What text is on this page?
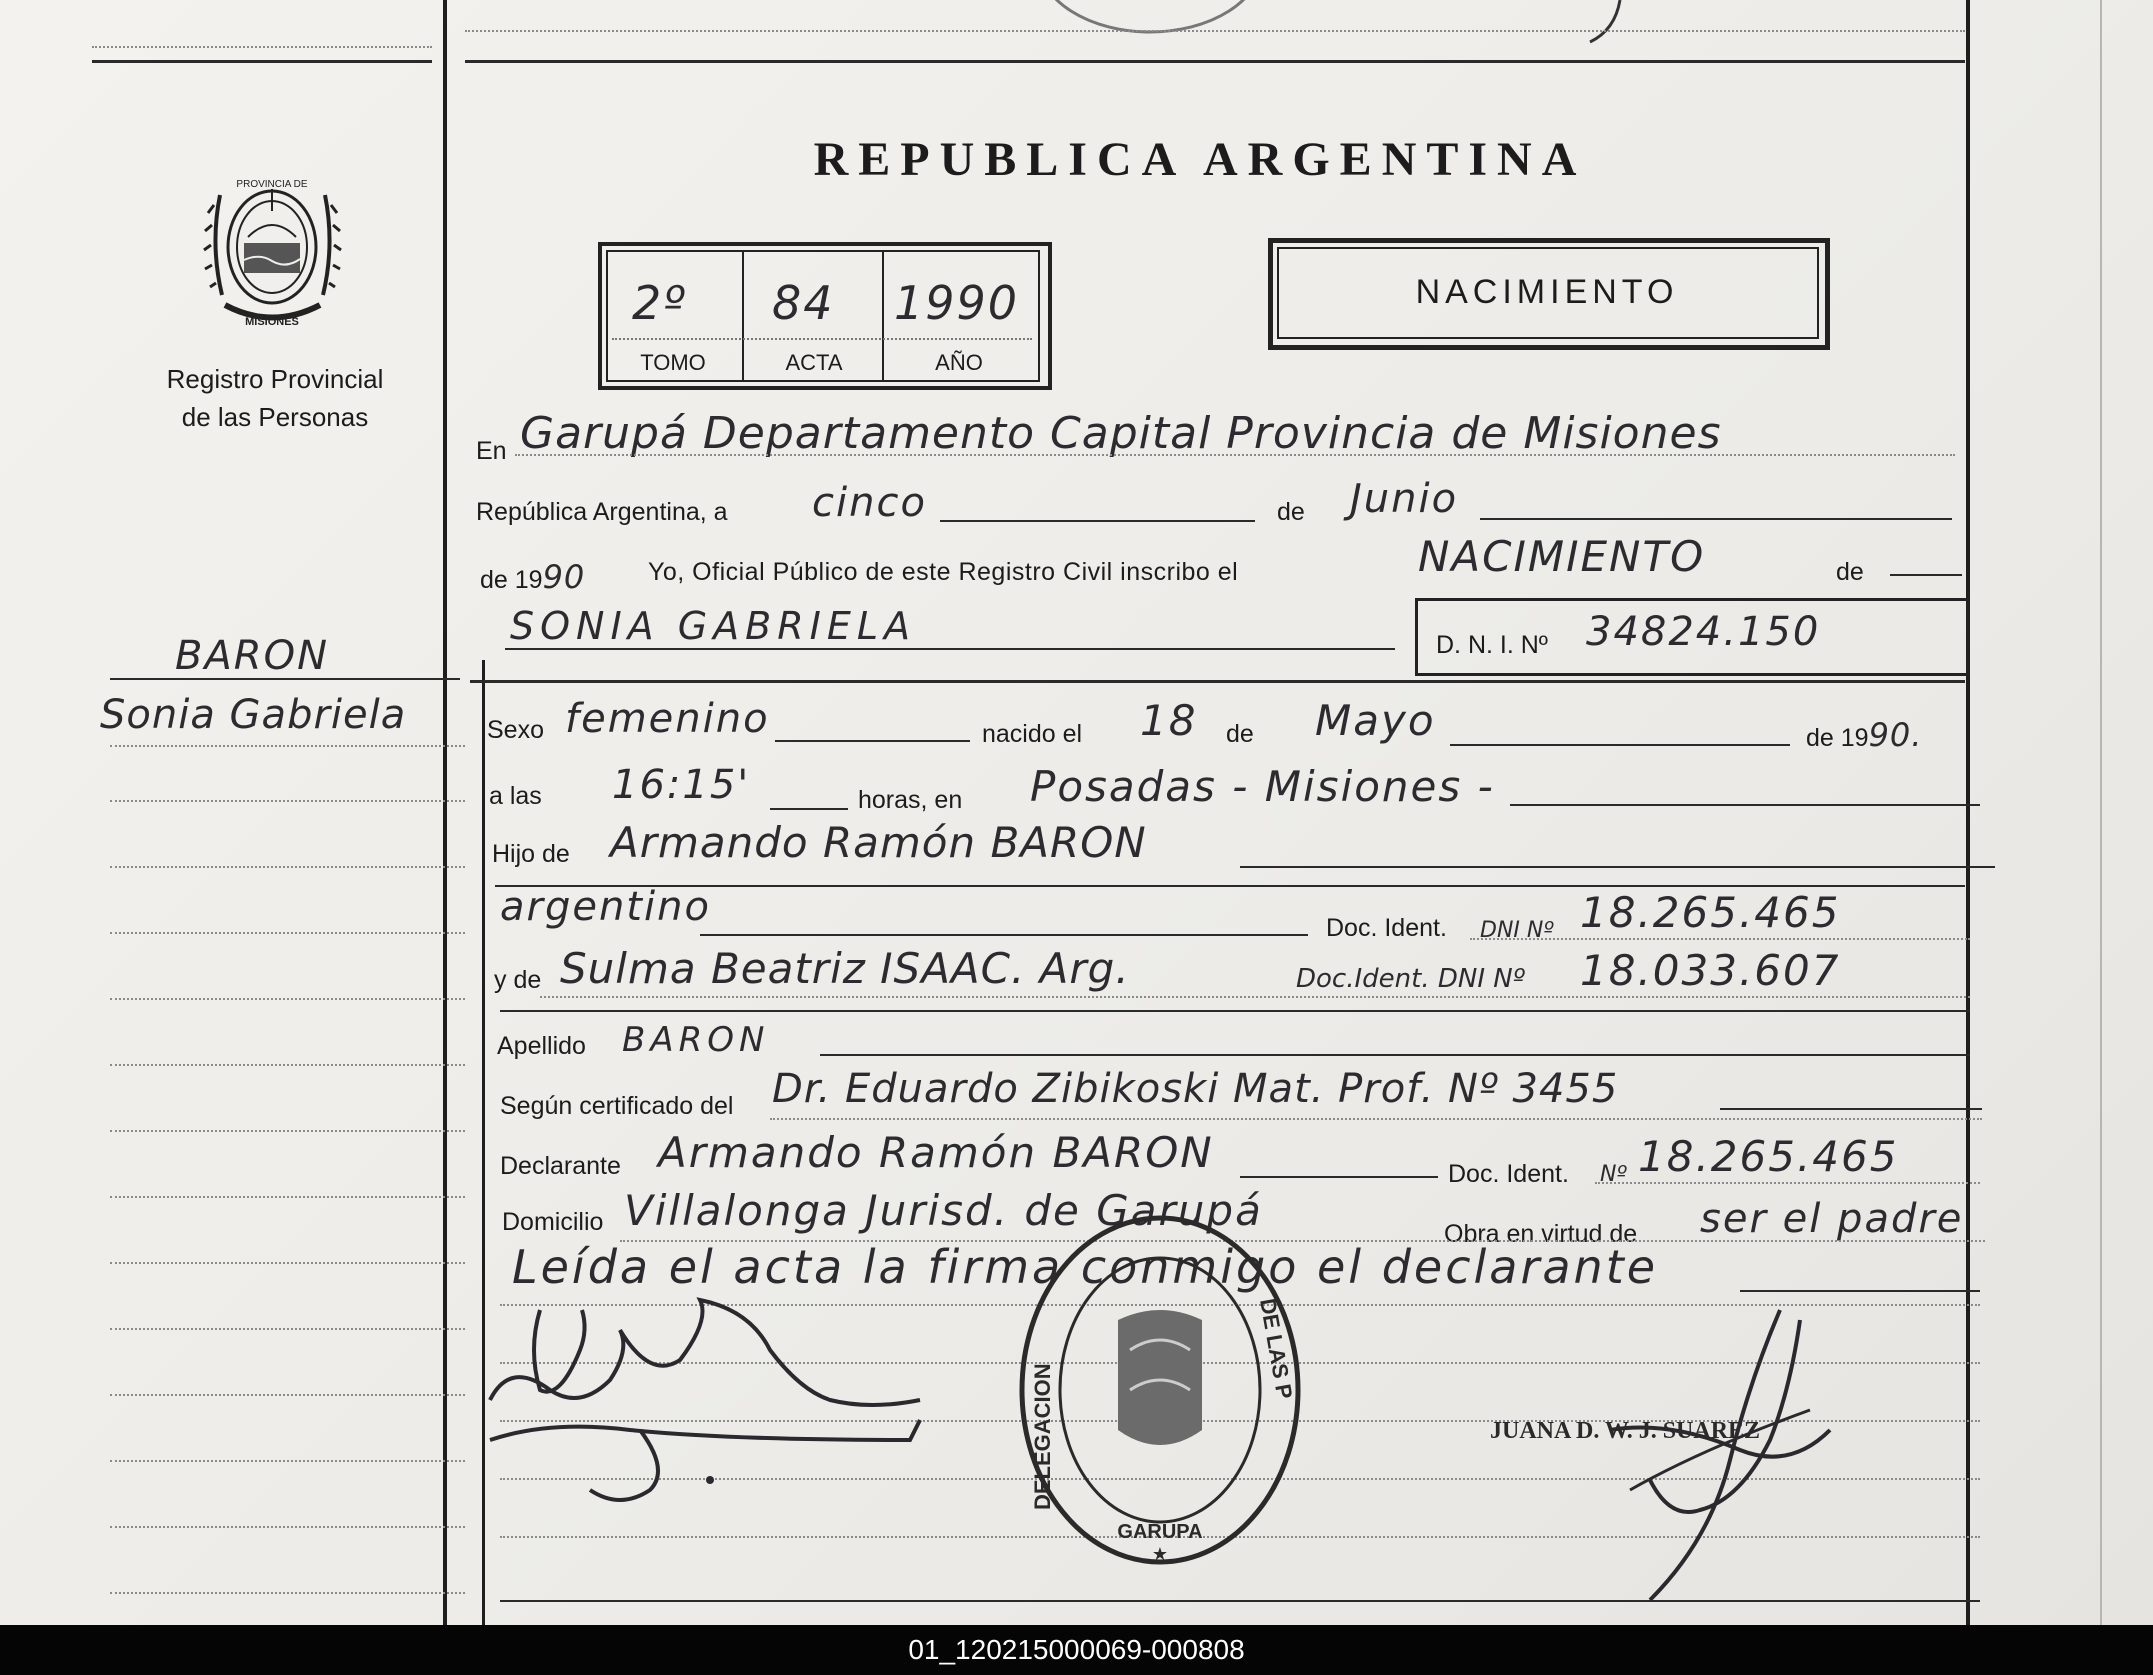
PROVINCIA DE
MISIONES
Registro Provincial
de las Personas
REPUBLICA ARGENTINA
2º 84 1990
TOMO	ACTA	AÑO
NACIMIENTO
BARON
Sonia Gabriela
En Garupá Departamento Capital Provincia de Misiones
República Argentina, a cinco	de Junio
de 1990	Yo, Oficial Público de este Registro Civil inscribo el	NACIMIENTO	de
SONIA GABRIELA	D. N. I. Nº 34824.150
Sexo femenino	nacido el 18 de Mayo	de 1990.
a las 16:15'	horas, en Posadas - Misiones -
Hijo de Armando Ramón BARON
argentino	Doc. Ident. DNI Nº 18.265.465
y de Sulma Beatriz ISAAC. Arg.	Doc.Ident. DNI Nº 18.033.607
Apellido BARON
Según certificado del Dr. Eduardo Zibikoski Mat. Prof. Nº 3455
Declarante Armando Ramón BARON	Doc. Ident. Nº 18.265.465
Domicilio Villalonga Jurisd. de Garupá	Obra en virtud de ser el padre
Leída el acta la firma conmigo el declarante
DELEGACION
DE LAS P
GARUPA
★
JUANA D. W. J. SUAREZ
01_120215000069-000808
